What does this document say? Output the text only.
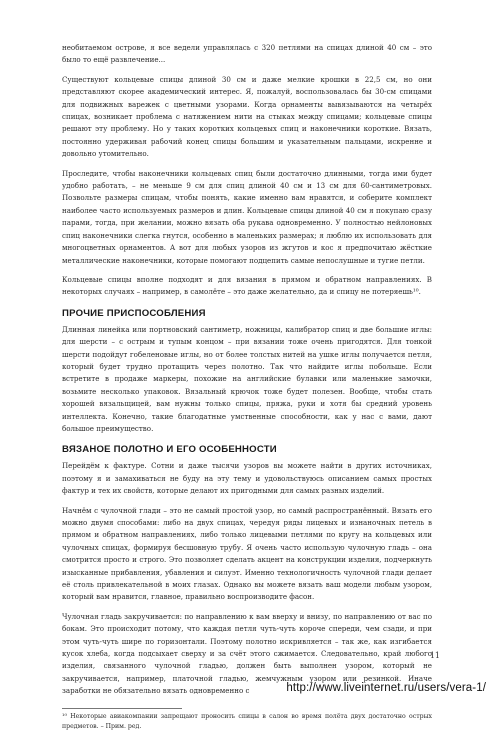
необитаемом острове, я все ведели управлялась с 320 петлями на спицах длиной 40 см – это было то ещё развлечение...

Существуют кольцевые спицы длиной 30 см и даже мелкие крошки в 22,5 см, но они представляют скорее академический интерес. Я, пожалуй, воспользовалась бы 30-см спицами для подвижных варежек с цветными узорами. Когда орнаменты вывязываются на четырёх спицах, возникает проблема с натяжением нити на стыках между спицами; кольцевые спицы решают эту проблему. Но у таких коротких кольцевых спиц и наконечники короткие. Вязать, постоянно удерживая рабочий конец спицы большим и указательным пальцами, искренне и довольно утомительно.

Проследите, чтобы наконечники кольцевых спиц были достаточно длинными, тогда ими будет удобно работать, – не меньше 9 см для спиц длиной 40 см и 13 см для 60-сантиметровых. Позвольте размеры спицам, чтобы понять, какие именно вам нравятся, и соберите комплект наиболее часто используемых размеров и длин. Кольцевые спицы длиной 40 см я покупаю сразу парами, тогда, при желании, можно вязать оба рукава одновременно. У полностью нейлоновых спиц наконечники слегка гнутся, особенно в маленьких размерах; я люблю их использовать для многоцветных орнаментов. А вот для любых узоров из жгутов и кос я предпочитаю жёсткие металлические наконечники, которые помогают подцепить самые непослушные и тугие петли.

Кольцевые спицы вполне подходят и для вязания в прямом и обратном направлениях. В некоторых случаях – например, в самолёте – это даже желательно, да и спицу не потеряешь¹⁰.

ПРОЧИЕ ПРИСПОСОБЛЕНИЯ

Длинная линейка или портновский сантиметр, ножницы, калибратор спиц и две большие иглы: для шерсти – с острым и тупым концом – при вязании тоже очень пригодятся. Для тонкой шерсти подойдут гобеленовые иглы, но от более толстых нитей на ушке иглы получается петля, который будет трудно протащить через полотно. Так что найдите иглы побольше. Если встретите в продаже маркеры, похожие на английские булавки или маленькие замочки, возьмите несколько упаковок. Вязальный крючок тоже будет полезен. Вообще, чтобы стать хорошей вязальщицей, вам нужны только спицы, пряжа, руки и хотя бы средний уровень интеллекта. Конечно, такие благодатные умственные способности, как у нас с вами, дают большое преимущество.

ВЯЗАНОЕ ПОЛОТНО И ЕГО ОСОБЕННОСТИ

Перейдём к фактуре. Сотни и даже тысячи узоров вы можете найти в других источниках, поэтому я и замахиваться не буду на эту тему и удовольствуюсь описанием самых простых фактур и тех их свойств, которые делают их пригодными для самых разных изделий.

Начнём с чулочной глади – это не самый простой узор, но самый распространённый. Вязать его можно двумя способами: либо на двух спицах, чередуя ряды лицевых и изнаночных петель в прямом и обратном направлениях, либо только лицевыми петлями по кругу на кольцевых или чулочных спицах, формируя бесшовную трубу. Я очень часто использую чулочную гладь – она смотрится просто и строго. Это позволяет сделать акцент на конструкции изделия, подчеркнуть изысканные прибавления, убавления и силуэт. Именно технологичность чулочной глади делает её столь привлекательной в моих глазах. Однако вы можете вязать ваш модели любым узором, который вам нравится, главное, правильно воспроизводите фасон.

Чулочная гладь закручивается: по направлению к вам вверху и внизу, по направлению от вас по бокам. Это происходит потому, что каждая петля чуть-чуть короче спереди, чем сзади, и при этом чуть-чуть шире по горизонтали. Поэтому полотно искривляется – так же, как изгибается кусок хлеба, когда подсыхает сверху и за счёт этого сжимается. Следовательно, край любого изделия, связанного чулочной гладью, должен быть выполнен узором, который не закручивается, например, платочной гладью, жемчужным узором или резинкой. Иначе заработки не обязательно вязать одновременно с

¹⁰ Некоторые авиакомпании запрещают проносить спицы в салон во время полёта двух достаточно острых предметов. – Прим. ред.

11
http://www.liveinternet.ru/users/vera-1/
